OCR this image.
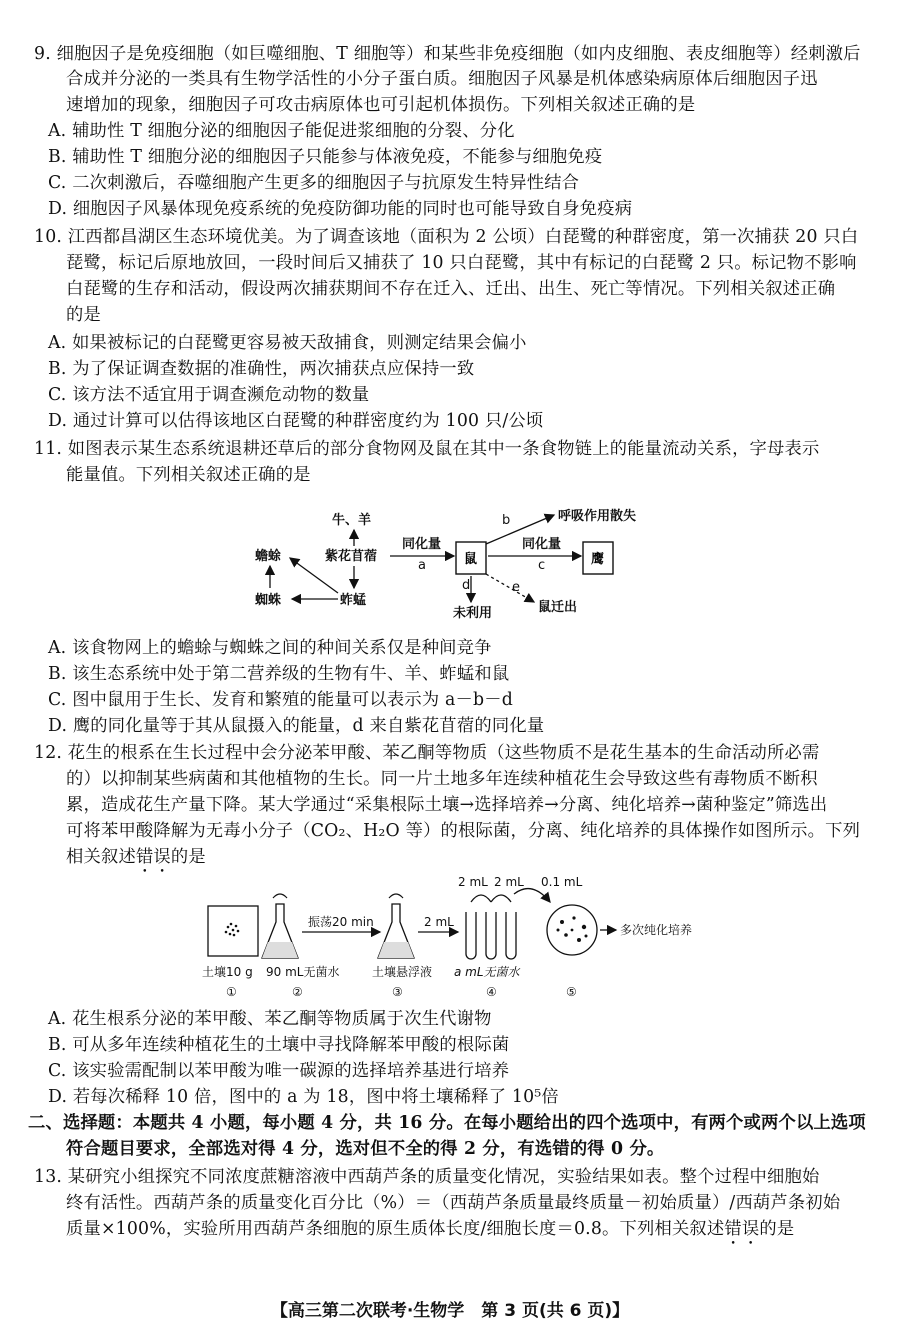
9. 细胞因子是免疫细胞（如巨噬细胞、T 细胞等）和某些非免疫细胞（如内皮细胞、表皮细胞等）经刺激后
合成并分泌的一类具有生物学活性的小分子蛋白质。细胞因子风暴是机体感染病原体后细胞因子迅
速增加的现象，细胞因子可攻击病原体也可引起机体损伤。下列相关叙述正确的是
A. 辅助性 T 细胞分泌的细胞因子能促进浆细胞的分裂、分化
B. 辅助性 T 细胞分泌的细胞因子只能参与体液免疫，不能参与细胞免疫
C. 二次刺激后，吞噬细胞产生更多的细胞因子与抗原发生特异性结合
D. 细胞因子风暴体现免疫系统的免疫防御功能的同时也可能导致自身免疫病
10. 江西都昌湖区生态环境优美。为了调查该地（面积为 2 公顷）白琵鹭的种群密度，第一次捕获 20 只白
琵鹭，标记后原地放回，一段时间后又捕获了 10 只白琵鹭，其中有标记的白琵鹭 2 只。标记物不影响
白琵鹭的生存和活动，假设两次捕获期间不存在迁入、迁出、出生、死亡等情况。下列相关叙述正确
的是
A. 如果被标记的白琵鹭更容易被天敌捕食，则测定结果会偏小
B. 为了保证调查数据的准确性，两次捕获点应保持一致
C. 该方法不适宜用于调查濒危动物的数量
D. 通过计算可以估得该地区白琵鹭的种群密度约为 100 只/公顷
11. 如图表示某生态系统退耕还草后的部分食物网及鼠在其中一条食物链上的能量流动关系，字母表示
能量值。下列相关叙述正确的是
牛、羊
紫花苜蓿
蟾蜍
蜘蛛	蚱蜢
同化量	同化量
呼吸作用散失
未利用	鼠迁出
a	c
b
d	e
鼠	鹰
A. 该食物网上的蟾蜍与蜘蛛之间的种间关系仅是种间竞争
B. 该生态系统中处于第二营养级的生物有牛、羊、蚱蜢和鼠
C. 图中鼠用于生长、发育和繁殖的能量可以表示为 a－b－d
D. 鹰的同化量等于其从鼠摄入的能量，d 来自紫花苜蓿的同化量
12. 花生的根系在生长过程中会分泌苯甲酸、苯乙酮等物质（这些物质不是花生基本的生命活动所必需
的）以抑制某些病菌和其他植物的生长。同一片土地多年连续种植花生会导致这些有毒物质不断积
累，造成花生产量下降。某大学通过“采集根际土壤→选择培养→分离、纯化培养→菌种鉴定”筛选出
可将苯甲酸降解为无毒小分子（CO₂、H₂O 等）的根际菌，分离、纯化培养的具体操作如图所示。下列
相关叙述错误的是
振荡20 min	2 mL
2 mL 2 mL 0.1 mL
多次纯化培养
土壤10 g 90 mL无菌水	土壤悬浮液 a mL无菌水
①	②	③	④	⑤
A. 花生根系分泌的苯甲酸、苯乙酮等物质属于次生代谢物
B. 可从多年连续种植花生的土壤中寻找降解苯甲酸的根际菌
C. 该实验需配制以苯甲酸为唯一碳源的选择培养基进行培养
D. 若每次稀释 10 倍，图中的 a 为 18，图中将土壤稀释了 10⁵倍
二、选择题：本题共 4 小题，每小题 4 分，共 16 分。在每小题给出的四个选项中，有两个或两个以上选项
符合题目要求，全部选对得 4 分，选对但不全的得 2 分，有选错的得 0 分。
13. 某研究小组探究不同浓度蔗糖溶液中西葫芦条的质量变化情况，实验结果如表。整个过程中细胞始
终有活性。西葫芦条的质量变化百分比（%）＝（西葫芦条质量最终质量－初始质量）/西葫芦条初始
质量×100%，实验所用西葫芦条细胞的原生质体长度/细胞长度＝0.8。下列相关叙述错误的是
【高三第二次联考·生物学　第 3 页(共 6 页)】
